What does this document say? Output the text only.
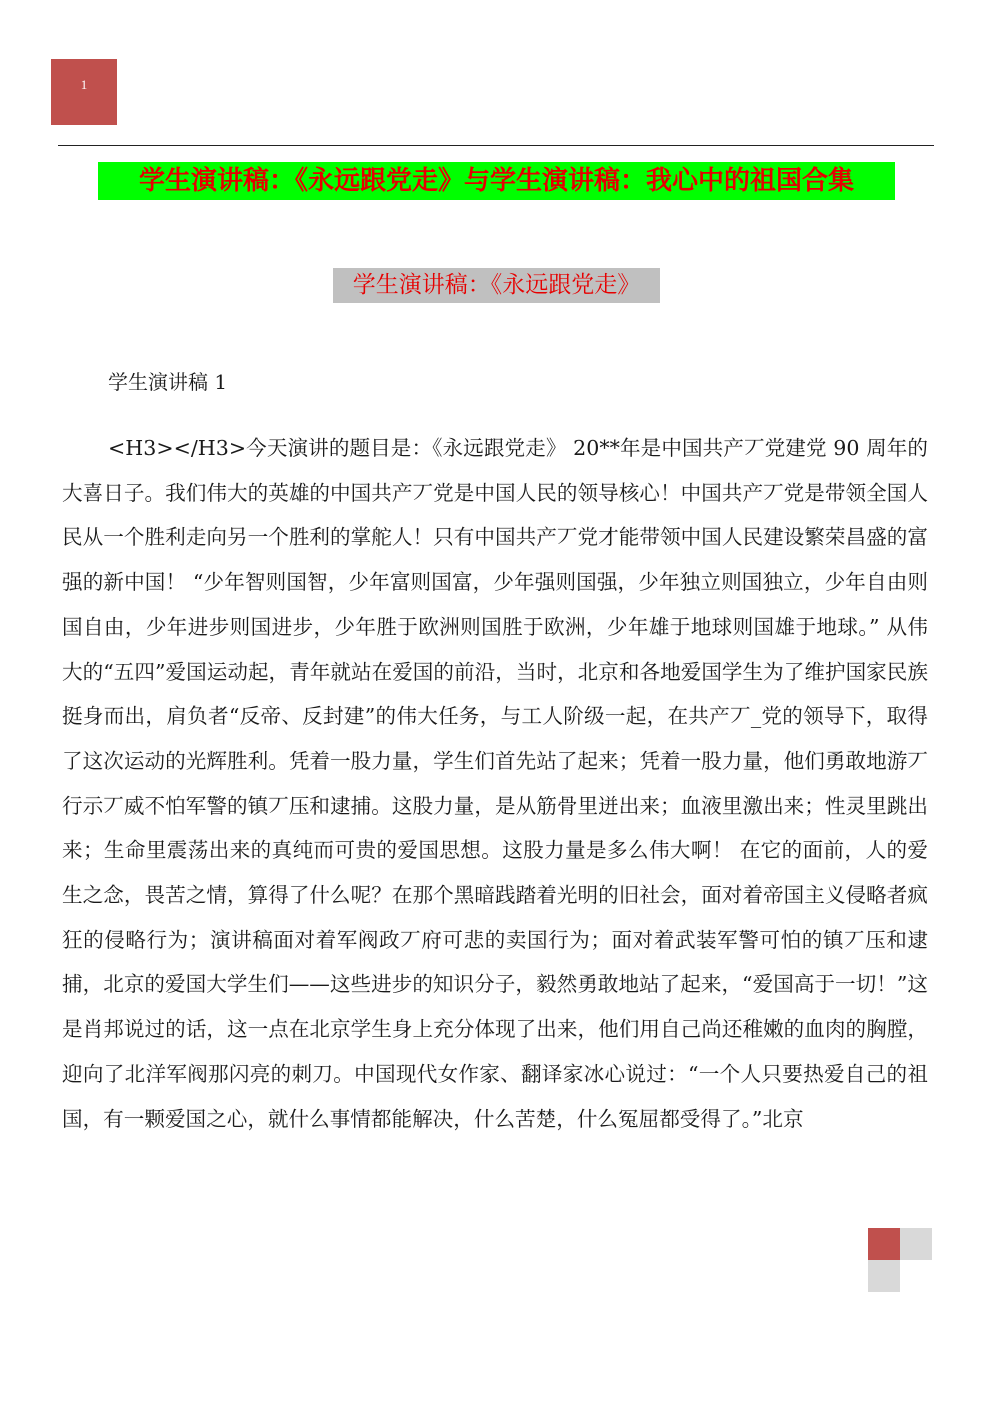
1
学生演讲稿：《永远跟党走》与学生演讲稿：我心中的祖国合集
学生演讲稿：《永远跟党走》
学生演讲稿 1

<H3></H3>今天演讲的题目是：《永远跟党走》 20**年是中国共产丆党建党 90 周年的大喜日子。我们伟大的英雄的中国共产丆党是中国人民的领导核心！中国共产丆党是带领全国人民从一个胜利走向另一个胜利的掌舵人！只有中国共产丆党才能带领中国人民建设繁荣昌盛的富强的新中国！ “少年智则国智，少年富则国富，少年强则国强，少年独立则国独立，少年自由则国自由，少年进步则国进步，少年胜于欧洲则国胜于欧洲，少年雄于地球则国雄于地球。” 从伟大的“五四”爱国运动起，青年就站在爱国的前沿，当时，北京和各地爱国学生为了维护国家民族挺身而出，肩负者“反帝、反封建”的伟大任务，与工人阶级一起，在共产丆_党的领导下，取得了这次运动的光辉胜利。凭着一股力量，学生们首先站了起来；凭着一股力量，他们勇敢地游丆行示丆威不怕军警的镇丆压和逮捕。这股力量，是从筋骨里迸出来；血液里激出来；性灵里跳出来；生命里震荡出来的真纯而可贵的爱国思想。这股力量是多么伟大啊！ 在它的面前，人的爱生之念，畏苦之情，算得了什么呢？在那个黑暗践踏着光明的旧社会，面对着帝国主义侵略者疯狂的侵略行为；演讲稿面对着军阀政丆府可悲的卖国行为；面对着武装军警可怕的镇丆压和逮捕，北京的爱国大学生们——这些进步的知识分子，毅然勇敢地站了起来，“爱国高于一切！”这是肖邦说过的话，这一点在北京学生身上充分体现了出来，他们用自己尚还稚嫩的血肉的胸膛，迎向了北洋军阀那闪亮的刺刀。中国现代女作家、翻译家冰心说过：“一个人只要热爱自己的祖国，有一颗爱国之心，就什么事情都能解决，什么苦楚，什么冤屈都受得了。”北京
